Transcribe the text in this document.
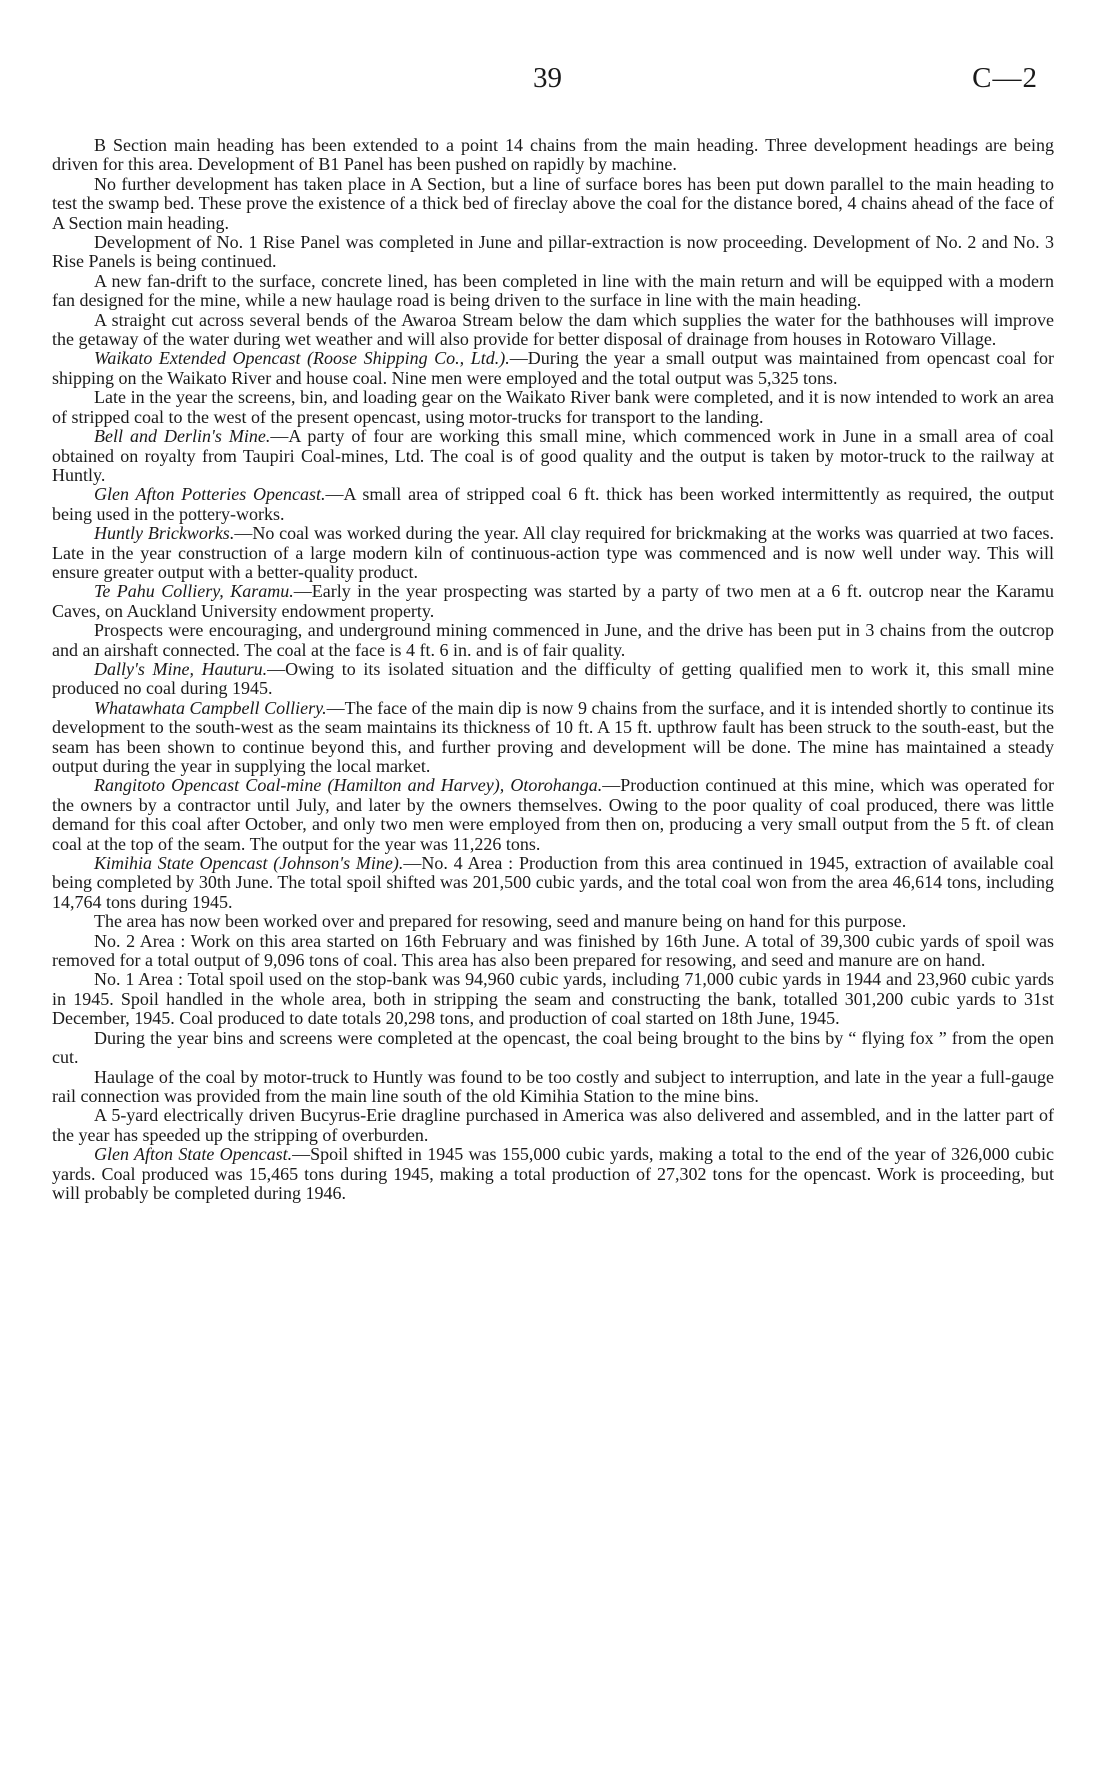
39	C—2

B Section main heading has been extended to a point 14 chains from the main heading. Three development headings are being driven for this area. Development of B1 Panel has been pushed on rapidly by machine.

No further development has taken place in A Section, but a line of surface bores has been put down parallel to the main heading to test the swamp bed. These prove the existence of a thick bed of fireclay above the coal for the distance bored, 4 chains ahead of the face of A Section main heading.

Development of No. 1 Rise Panel was completed in June and pillar-extraction is now proceeding. Development of No. 2 and No. 3 Rise Panels is being continued.

A new fan-drift to the surface, concrete lined, has been completed in line with the main return and will be equipped with a modern fan designed for the mine, while a new haulage road is being driven to the surface in line with the main heading.

A straight cut across several bends of the Awaroa Stream below the dam which supplies the water for the bathhouses will improve the getaway of the water during wet weather and will also provide for better disposal of drainage from houses in Rotowaro Village.

Waikato Extended Opencast (Roose Shipping Co., Ltd.).—During the year a small output was maintained from opencast coal for shipping on the Waikato River and house coal. Nine men were employed and the total output was 5,325 tons.

Late in the year the screens, bin, and loading gear on the Waikato River bank were completed, and it is now intended to work an area of stripped coal to the west of the present opencast, using motor-trucks for transport to the landing.

Bell and Derlin's Mine.—A party of four are working this small mine, which commenced work in June in a small area of coal obtained on royalty from Taupiri Coal-mines, Ltd. The coal is of good quality and the output is taken by motor-truck to the railway at Huntly.

Glen Afton Potteries Opencast.—A small area of stripped coal 6 ft. thick has been worked intermittently as required, the output being used in the pottery-works.

Huntly Brickworks.—No coal was worked during the year. All clay required for brickmaking at the works was quarried at two faces. Late in the year construction of a large modern kiln of continuous-action type was commenced and is now well under way. This will ensure greater output with a better-quality product.

Te Pahu Colliery, Karamu.—Early in the year prospecting was started by a party of two men at a 6 ft. outcrop near the Karamu Caves, on Auckland University endowment property.

Prospects were encouraging, and underground mining commenced in June, and the drive has been put in 3 chains from the outcrop and an airshaft connected. The coal at the face is 4 ft. 6 in. and is of fair quality.

Dally's Mine, Hauturu.—Owing to its isolated situation and the difficulty of getting qualified men to work it, this small mine produced no coal during 1945.

Whatawhata Campbell Colliery.—The face of the main dip is now 9 chains from the surface, and it is intended shortly to continue its development to the south-west as the seam maintains its thickness of 10 ft. A 15 ft. upthrow fault has been struck to the south-east, but the seam has been shown to continue beyond this, and further proving and development will be done. The mine has maintained a steady output during the year in supplying the local market.

Rangitoto Opencast Coal-mine (Hamilton and Harvey), Otorohanga.—Production continued at this mine, which was operated for the owners by a contractor until July, and later by the owners themselves. Owing to the poor quality of coal produced, there was little demand for this coal after October, and only two men were employed from then on, producing a very small output from the 5 ft. of clean coal at the top of the seam. The output for the year was 11,226 tons.

Kimihia State Opencast (Johnson's Mine).—No. 4 Area : Production from this area continued in 1945, extraction of available coal being completed by 30th June. The total spoil shifted was 201,500 cubic yards, and the total coal won from the area 46,614 tons, including 14,764 tons during 1945.

The area has now been worked over and prepared for resowing, seed and manure being on hand for this purpose.

No. 2 Area : Work on this area started on 16th February and was finished by 16th June. A total of 39,300 cubic yards of spoil was removed for a total output of 9,096 tons of coal. This area has also been prepared for resowing, and seed and manure are on hand.

No. 1 Area : Total spoil used on the stop-bank was 94,960 cubic yards, including 71,000 cubic yards in 1944 and 23,960 cubic yards in 1945. Spoil handled in the whole area, both in stripping the seam and constructing the bank, totalled 301,200 cubic yards to 31st December, 1945. Coal produced to date totals 20,298 tons, and production of coal started on 18th June, 1945.

During the year bins and screens were completed at the opencast, the coal being brought to the bins by “ flying fox ” from the open cut.

Haulage of the coal by motor-truck to Huntly was found to be too costly and subject to interruption, and late in the year a full-gauge rail connection was provided from the main line south of the old Kimihia Station to the mine bins.

A 5-yard electrically driven Bucyrus-Erie dragline purchased in America was also delivered and assembled, and in the latter part of the year has speeded up the stripping of overburden.

Glen Afton State Opencast.—Spoil shifted in 1945 was 155,000 cubic yards, making a total to the end of the year of 326,000 cubic yards. Coal produced was 15,465 tons during 1945, making a total production of 27,302 tons for the opencast. Work is proceeding, but will probably be completed during 1946.
